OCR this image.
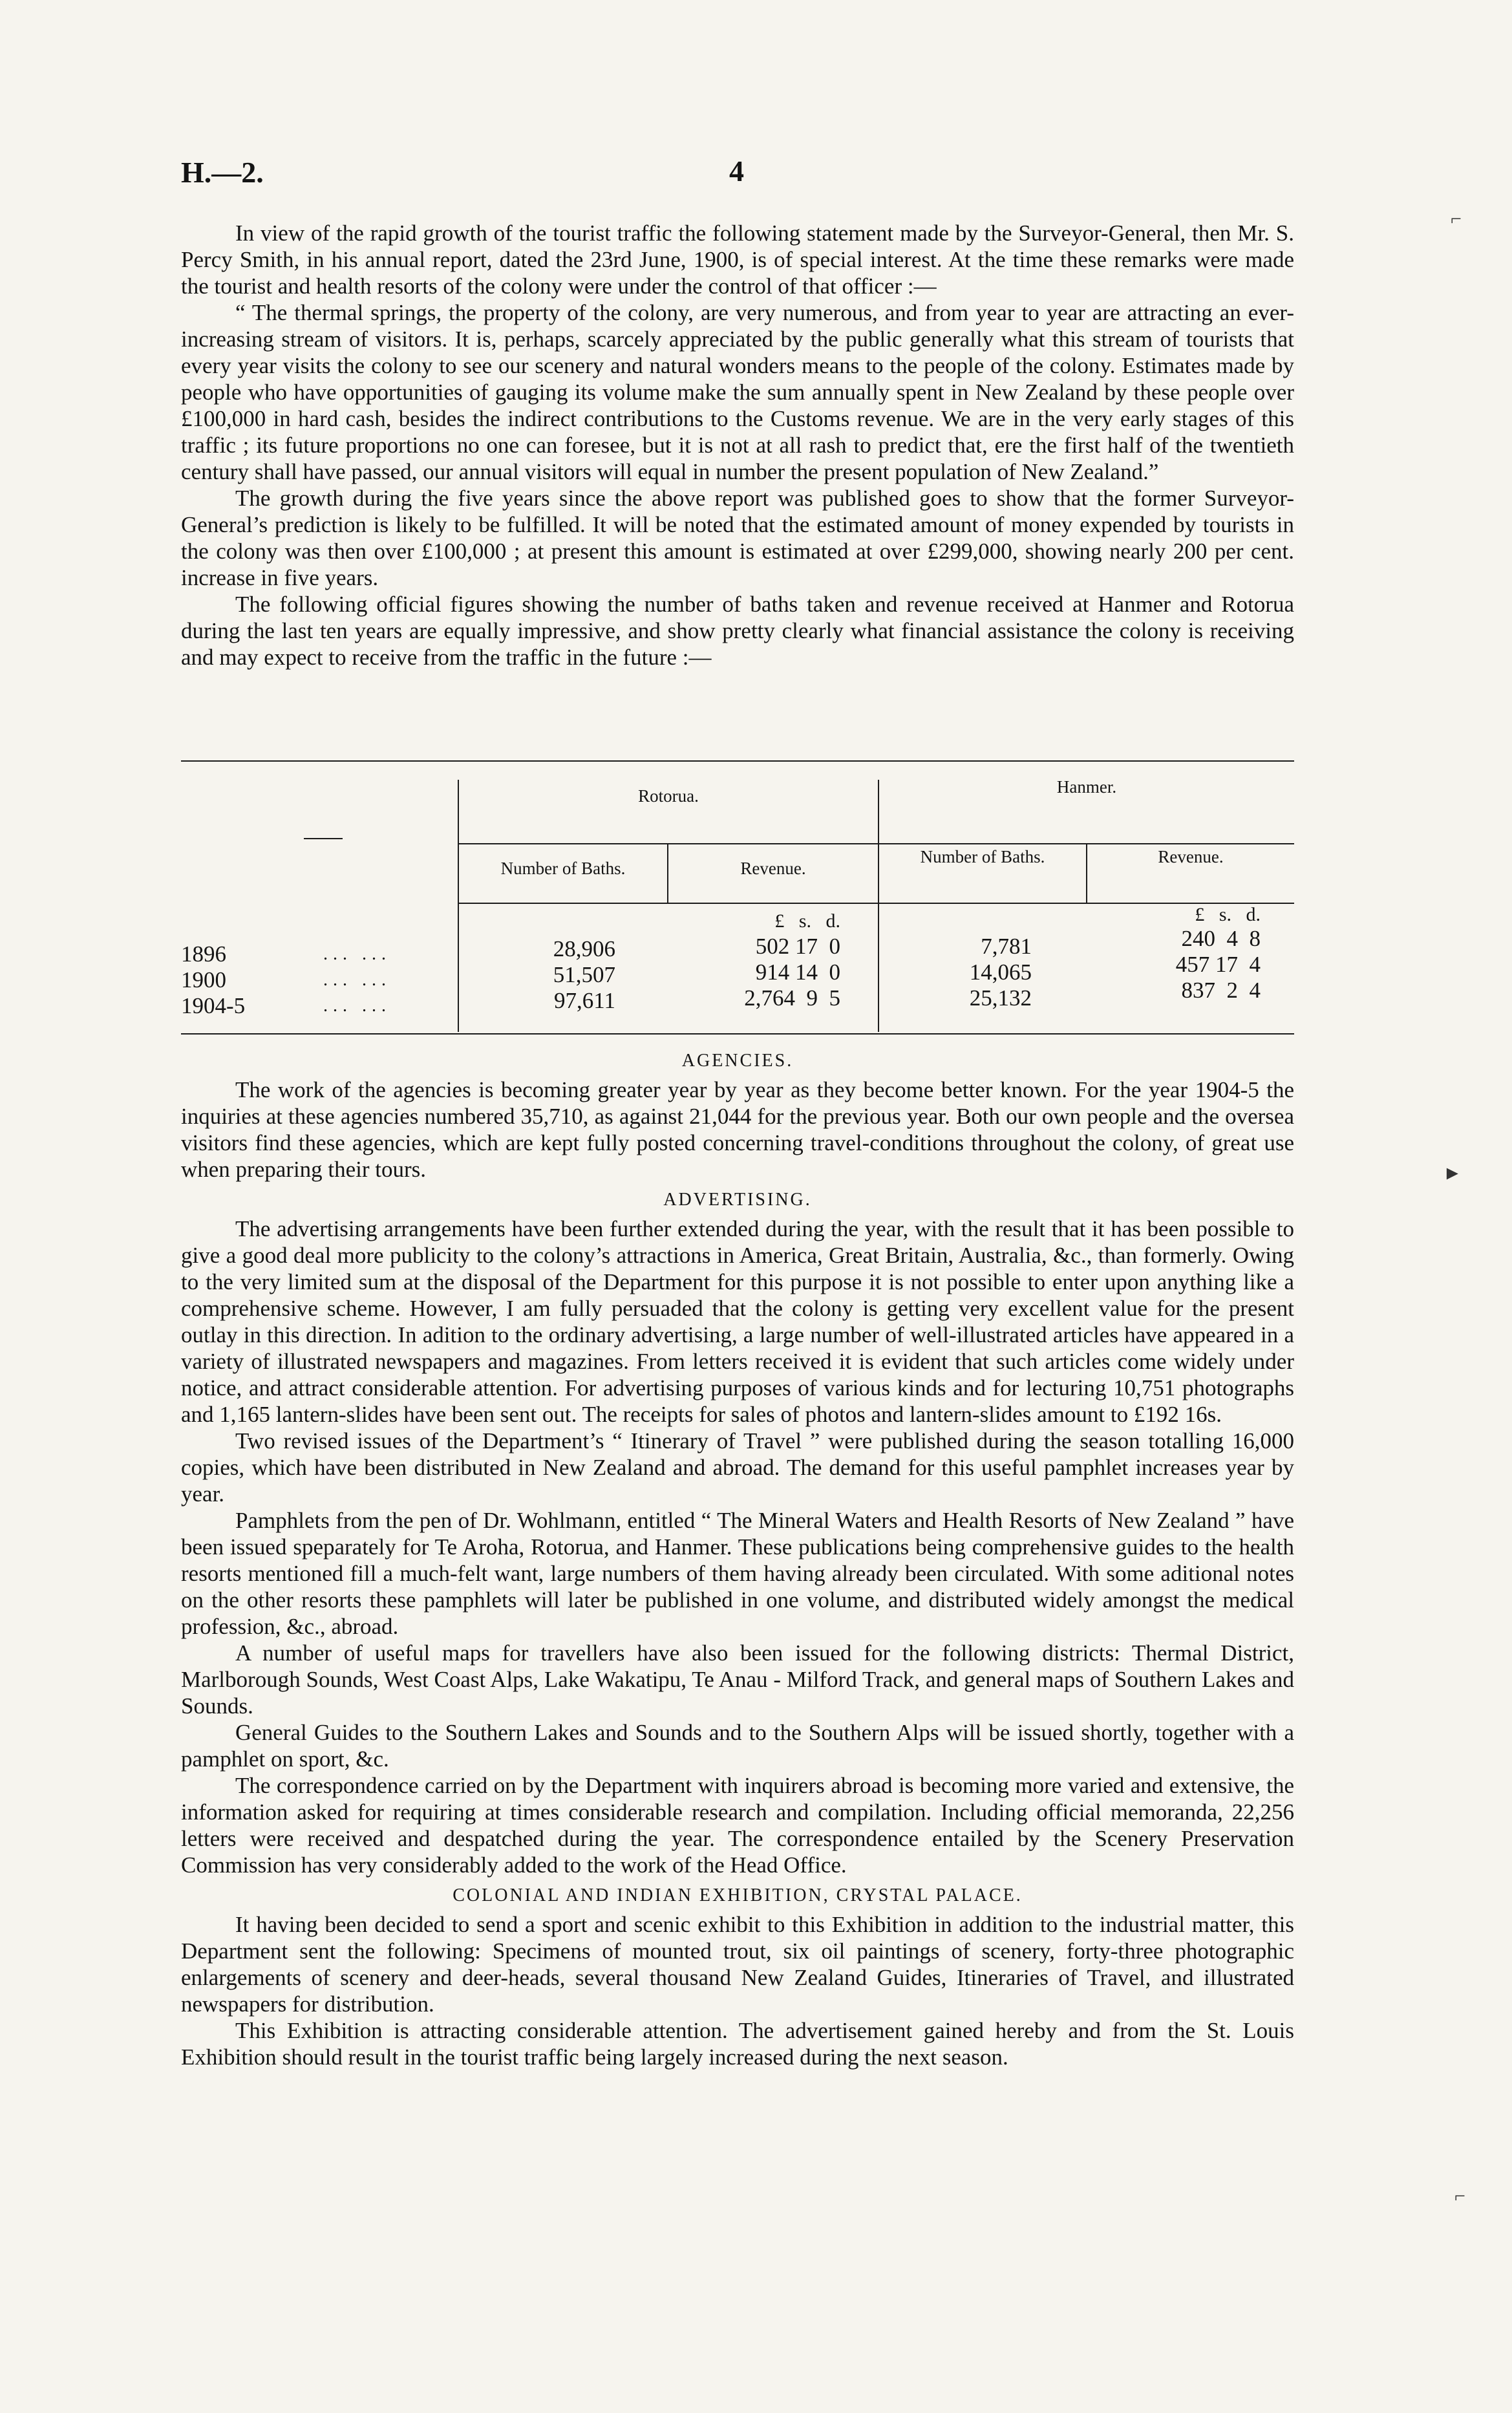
H.—2.	4

In view of the rapid growth of the tourist traffic the following statement made by the Surveyor-General, then Mr. S. Percy Smith, in his annual report, dated the 23rd June, 1900, is of special interest. At the time these remarks were made the tourist and health resorts of the colony were under the control of that officer :—

“ The thermal springs, the property of the colony, are very numerous, and from year to year are attracting an ever-increasing stream of visitors. It is, perhaps, scarcely appreciated by the public generally what this stream of tourists that every year visits the colony to see our scenery and natural wonders means to the people of the colony. Estimates made by people who have opportunities of gauging its volume make the sum annually spent in New Zealand by these people over £100,000 in hard cash, besides the indirect contributions to the Customs revenue. We are in the very early stages of this traffic ; its future proportions no one can foresee, but it is not at all rash to predict that, ere the first half of the twentieth century shall have passed, our annual visitors will equal in number the present population of New Zealand.”

The growth during the five years since the above report was published goes to show that the former Surveyor-General’s prediction is likely to be fulfilled. It will be noted that the estimated amount of money expended by tourists in the colony was then over £100,000 ; at present this amount is estimated at over £299,000, showing nearly 200 per cent. increase in five years.

The following official figures showing the number of baths taken and revenue received at Hanmer and Rotorua during the last ten years are equally impressive, and show pretty clearly what financial assistance the colony is receiving and may expect to receive from the traffic in the future :—

Rotorua.	Hanmer.
Number of Baths.	Revenue.
Number of Baths.	Revenue.
£   s.   d.	£   s.   d.
1896	... ...	28,906	502 17  0	7,781	240  4  8
1900	... ...	51,507	914 14  0	14,065	457 17  4
1904-5	... ...	97,611	2,764  9  5	25,132	837  2  4
AGENCIES.

The work of the agencies is becoming greater year by year as they become better known. For the year 1904-5 the inquiries at these agencies numbered 35,710, as against 21,044 for the previous year. Both our own people and the oversea visitors find these agencies, which are kept fully posted concerning travel-conditions throughout the colony, of great use when preparing their tours.

ADVERTISING.

The advertising arrangements have been further extended during the year, with the result that it has been possible to give a good deal more publicity to the colony’s attractions in America, Great Britain, Australia, &c., than formerly. Owing to the very limited sum at the disposal of the Department for this purpose it is not possible to enter upon anything like a comprehensive scheme. However, I am fully persuaded that the colony is getting very excellent value for the present outlay in this direction. In adition to the ordinary advertising, a large number of well-illustrated articles have appeared in a variety of illustrated newspapers and magazines. From letters received it is evident that such articles come widely under notice, and attract considerable attention. For advertising purposes of various kinds and for lecturing 10,751 photographs and 1,165 lantern-slides have been sent out. The receipts for sales of photos and lantern-slides amount to £192 16s.

Two revised issues of the Department’s “ Itinerary of Travel ” were published during the season totalling 16,000 copies, which have been distributed in New Zealand and abroad. The demand for this useful pamphlet increases year by year.

Pamphlets from the pen of Dr. Wohlmann, entitled “ The Mineral Waters and Health Resorts of New Zealand ” have been issued speparately for Te Aroha, Rotorua, and Hanmer. These publications being comprehensive guides to the health resorts mentioned fill a much-felt want, large numbers of them having already been circulated. With some aditional notes on the other resorts these pamphlets will later be published in one volume, and distributed widely amongst the medical profession, &c., abroad.

A number of useful maps for travellers have also been issued for the following districts: Thermal District, Marlborough Sounds, West Coast Alps, Lake Wakatipu, Te Anau - Milford Track, and general maps of Southern Lakes and Sounds.

General Guides to the Southern Lakes and Sounds and to the Southern Alps will be issued shortly, together with a pamphlet on sport, &c.

The correspondence carried on by the Department with inquirers abroad is becoming more varied and extensive, the information asked for requiring at times considerable research and compilation. Including official memoranda, 22,256 letters were received and despatched during the year. The correspondence entailed by the Scenery Preservation Commission has very considerably added to the work of the Head Office.

COLONIAL AND INDIAN EXHIBITION, CRYSTAL PALACE.

It having been decided to send a sport and scenic exhibit to this Exhibition in addition to the industrial matter, this Department sent the following: Specimens of mounted trout, six oil paintings of scenery, forty-three photographic enlargements of scenery and deer-heads, several thousand New Zealand Guides, Itineraries of Travel, and illustrated newspapers for distribution.

This Exhibition is attracting considerable attention. The advertisement gained hereby and from the St. Louis Exhibition should result in the tourist traffic being largely increased during the next season.

⌐
►
⌐
